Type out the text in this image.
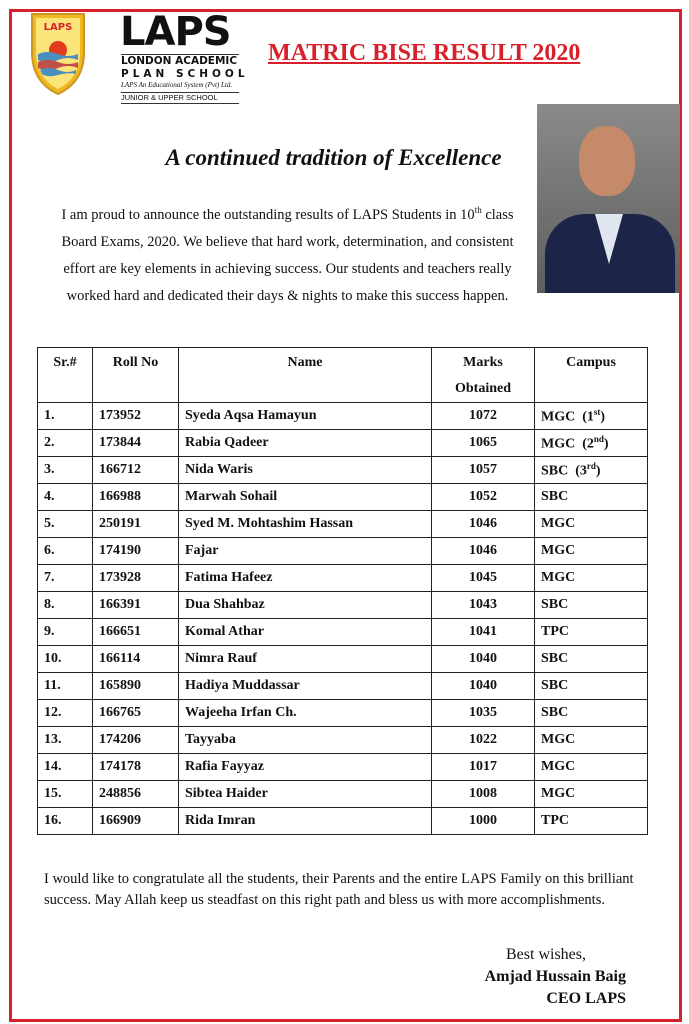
LAPS LAPS
LONDON ACADEMIC
PLAN SCHOOL
LAPS An Educational System (Pvt) Ltd.
JUNIOR & UPPER SCHOOL
MATRIC BISE RESULT 2020
A continued tradition of Excellence
I am proud to announce the outstanding results of LAPS Students in 10th class Board Exams, 2020. We believe that hard work, determination, and consistent effort are key elements in achieving success. Our students and teachers really worked hard and dedicated their days & nights to make this success happen.
Sr.#	Roll No	Name	Marks Obtained	Campus
1.	173952	Syeda Aqsa Hamayun	1072	MGC  (1st)
2.	173844	Rabia Qadeer	1065	MGC  (2nd)
3.	166712	Nida Waris	1057	SBC  (3rd)
4.	166988	Marwah Sohail	1052	SBC
5.	250191	Syed M. Mohtashim Hassan	1046	MGC
6.	174190	Fajar	1046	MGC
7.	173928	Fatima Hafeez	1045	MGC
8.	166391	Dua Shahbaz	1043	SBC
9.	166651	Komal Athar	1041	TPC
10.	166114	Nimra Rauf	1040	SBC
11.	165890	Hadiya Muddassar	1040	SBC
12.	166765	Wajeeha Irfan Ch.	1035	SBC
13.	174206	Tayyaba	1022	MGC
14.	174178	Rafia Fayyaz	1017	MGC
15.	248856	Sibtea Haider	1008	MGC
16.	166909	Rida Imran	1000	TPC
I would like to congratulate all the students, their Parents and the entire LAPS Family on this brilliant success. May Allah keep us steadfast on this right path and bless us with more accomplishments.
Best wishes,
Amjad Hussain Baig
CEO LAPS
